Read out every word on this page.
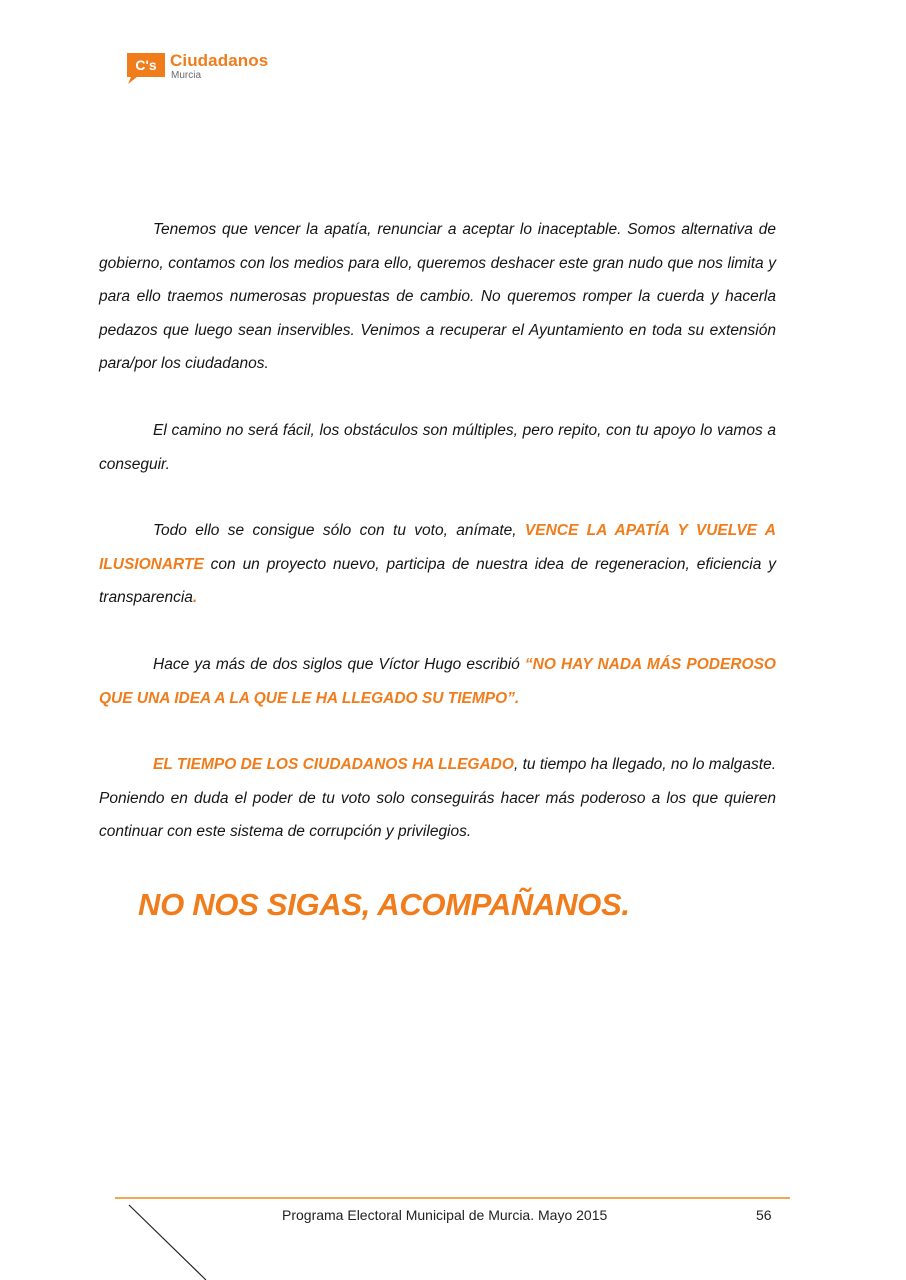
C's Ciudadanos
Murcia

Tenemos que vencer la apatía, renunciar a aceptar lo inaceptable. Somos alternativa de gobierno, contamos con los medios para ello, queremos deshacer este gran nudo que nos limita y para ello traemos numerosas propuestas de cambio. No queremos romper la cuerda y hacerla pedazos que luego sean inservibles. Venimos a recuperar el Ayuntamiento en toda su extensión para/por los ciudadanos.

El camino no será fácil, los obstáculos son múltiples, pero repito, con tu apoyo lo vamos a conseguir.

Todo ello se consigue sólo con tu voto, anímate, VENCE LA APATÍA Y VUELVE A ILUSIONARTE con un proyecto nuevo, participa de nuestra idea de regeneracion, eficiencia y transparencia.

Hace ya más de dos siglos que Víctor Hugo escribió “NO HAY NADA MÁS PODEROSO QUE UNA IDEA A LA QUE LE HA LLEGADO SU TIEMPO”.

EL TIEMPO DE LOS CIUDADANOS HA LLEGADO, tu tiempo ha llegado, no lo malgaste. Poniendo en duda el poder de tu voto solo conseguirás hacer más poderoso a los que quieren continuar con este sistema de corrupción y privilegios.

NO NOS SIGAS, ACOMPAÑANOS.

Programa Electoral Municipal de Murcia. Mayo 2015	56
